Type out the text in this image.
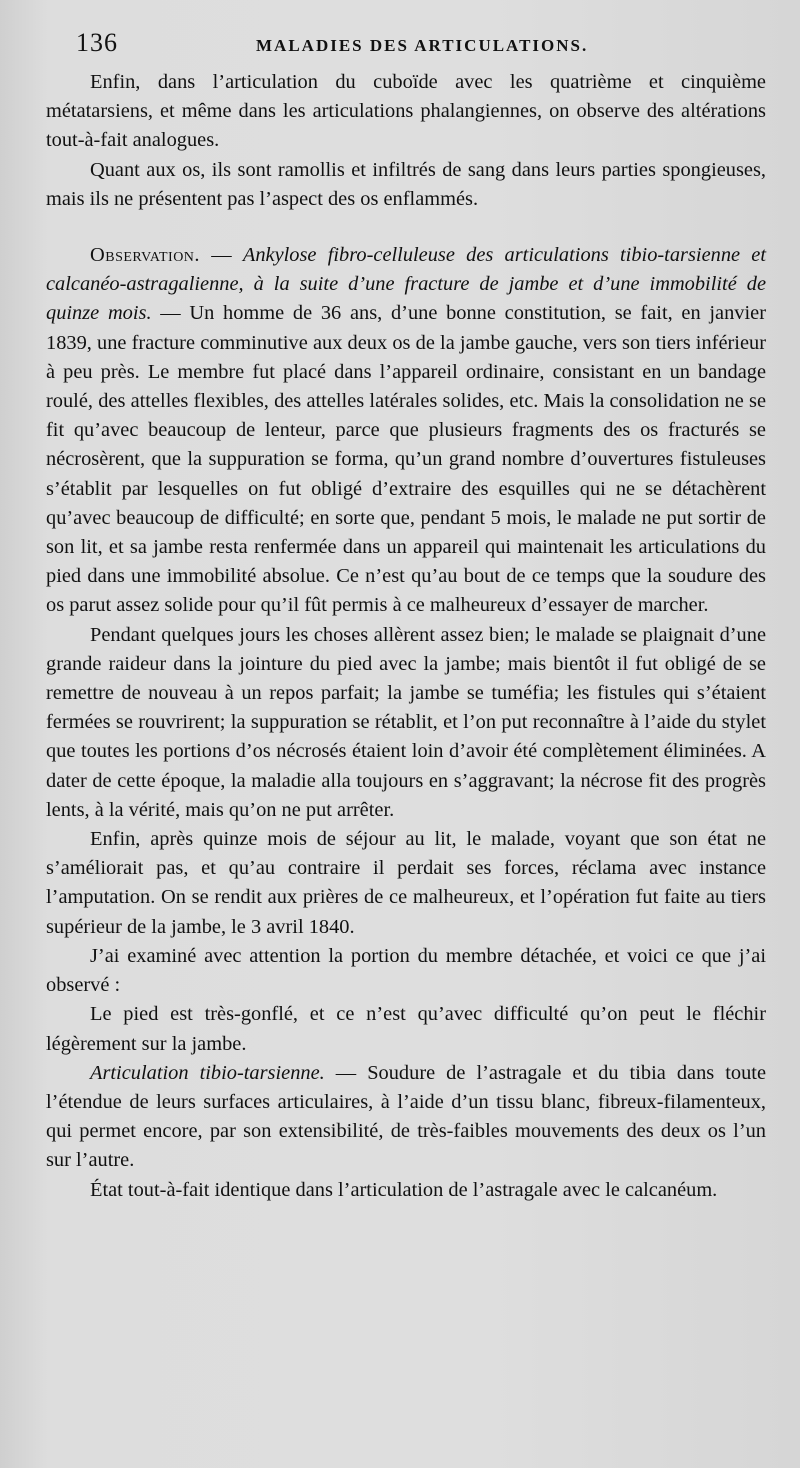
136	MALADIES DES ARTICULATIONS.

Enfin, dans l’articulation du cuboïde avec les quatrième et cinquième métatarsiens, et même dans les articulations phalangiennes, on observe des altérations tout-à-fait analogues.

Quant aux os, ils sont ramollis et infiltrés de sang dans leurs parties spongieuses, mais ils ne présentent pas l’aspect des os enflammés.

Observation. — Ankylose fibro-celluleuse des articulations tibio-tarsienne et calcanéo-astragalienne, à la suite d’une fracture de jambe et d’une immobilité de quinze mois. — Un homme de 36 ans, d’une bonne constitution, se fait, en janvier 1839, une fracture comminutive aux deux os de la jambe gauche, vers son tiers inférieur à peu près. Le membre fut placé dans l’appareil ordinaire, consistant en un bandage roulé, des attelles flexibles, des attelles latérales solides, etc. Mais la consolidation ne se fit qu’avec beaucoup de lenteur, parce que plusieurs fragments des os fracturés se nécrosèrent, que la suppuration se forma, qu’un grand nombre d’ouvertures fistuleuses s’établit par lesquelles on fut obligé d’extraire des esquilles qui ne se détachèrent qu’avec beaucoup de difficulté; en sorte que, pendant 5 mois, le malade ne put sortir de son lit, et sa jambe resta renfermée dans un appareil qui maintenait les articulations du pied dans une immobilité absolue. Ce n’est qu’au bout de ce temps que la soudure des os parut assez solide pour qu’il fût permis à ce malheureux d’essayer de marcher.

Pendant quelques jours les choses allèrent assez bien; le malade se plaignait d’une grande raideur dans la jointure du pied avec la jambe; mais bientôt il fut obligé de se remettre de nouveau à un repos parfait; la jambe se tuméfia; les fistules qui s’étaient fermées se rouvrirent; la suppuration se rétablit, et l’on put reconnaître à l’aide du stylet que toutes les portions d’os nécrosés étaient loin d’avoir été complètement éliminées. A dater de cette époque, la maladie alla toujours en s’aggravant; la nécrose fit des progrès lents, à la vérité, mais qu’on ne put arrêter.

Enfin, après quinze mois de séjour au lit, le malade, voyant que son état ne s’améliorait pas, et qu’au contraire il perdait ses forces, réclama avec instance l’amputation. On se rendit aux prières de ce malheureux, et l’opération fut faite au tiers supérieur de la jambe, le 3 avril 1840.

J’ai examiné avec attention la portion du membre détachée, et voici ce que j’ai observé :

Le pied est très-gonflé, et ce n’est qu’avec difficulté qu’on peut le fléchir légèrement sur la jambe.

Articulation tibio-tarsienne. — Soudure de l’astragale et du tibia dans toute l’étendue de leurs surfaces articulaires, à l’aide d’un tissu blanc, fibreux-filamenteux, qui permet encore, par son extensibilité, de très-faibles mouvements des deux os l’un sur l’autre.

État tout-à-fait identique dans l’articulation de l’astragale avec le calcanéum.
